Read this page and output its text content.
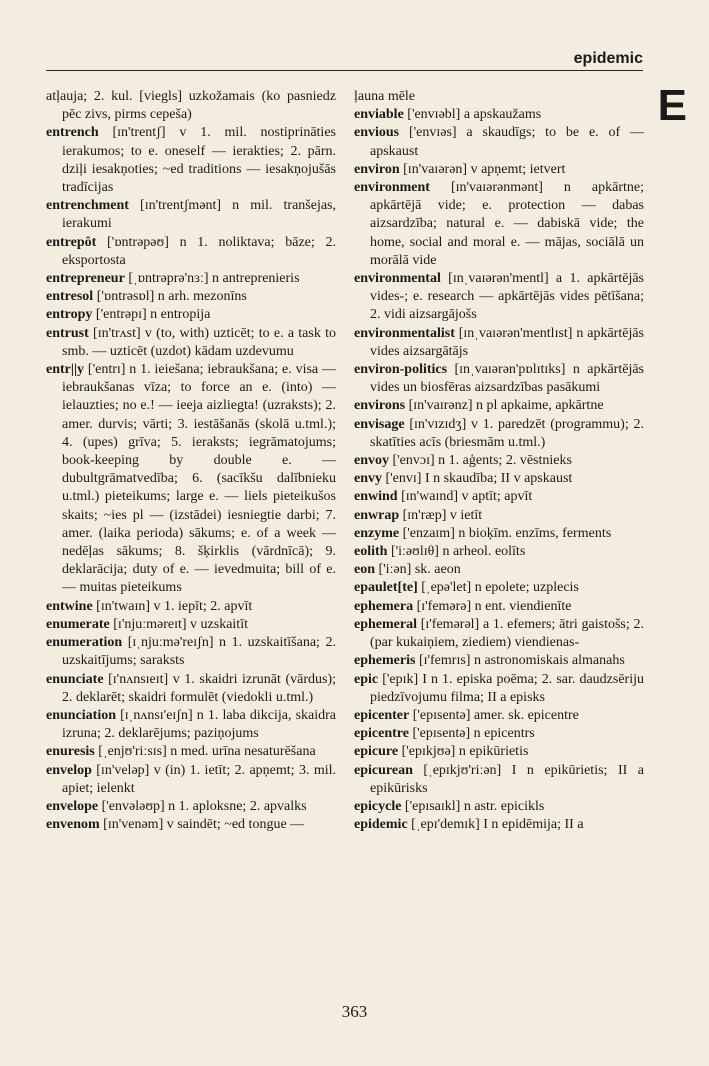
epidemic
E

atļauja; 2. kul. [viegls] uzkožamais (ko pasniedz pēc zivs, pirms cepeša)

entrench [ɪn'trentʃ] v 1. mil. nostiprināties ierakumos; to e. oneself — ierakties; 2. pārn. dziļi iesakņoties; ~ed traditions — iesakņojušās tradīcijas

entrenchment [ɪn'trentʃmənt] n mil. tranšejas, ierakumi

entrepôt ['ɒntrəpəʊ] n 1. noliktava; bāze; 2. eksportosta

entrepreneur [ˌɒntrəprə'nɜː] n antreprenieris

entresol ['ɒntrəsɒl] n arh. mezonīns

entropy ['entrəpɪ] n entropija

entrust [ɪn'trʌst] v (to, with) uzticēt; to e. a task to smb. — uzticēt (uzdot) kādam uzdevumu

entr||y ['entrɪ] n 1. ieiešana; iebraukšana; e. visa — iebraukšanas vīza; to force an e. (into) — ielauzties; no e.! — ieeja aizliegta! (uzraksts); 2. amer. durvis; vārti; 3. iestāšanās (skolā u.tml.); 4. (upes) grīva; 5. ieraksts; iegrāmatojums; book-keeping by double e. — dubultgrāmatvedība; 6. (sacīkšu dalībnieku u.tml.) pieteikums; large e. — liels pieteikušos skaits; ~ies pl — (izstādei) iesniegtie darbi; 7. amer. (laika perioda) sākums; e. of a week — nedēļas sākums; 8. šķirklis (vārdnīcā); 9. deklarācija; duty of e. — ievedmuita; bill of e. — muitas pieteikums

entwine [ɪn'twaɪn] v 1. iepīt; 2. apvīt

enumerate [ɪ'njuːməreɪt] v uzskaitīt

enumeration [ɪˌnjuːmə'reɪʃn] n 1. uzskaitīšana; 2. uzskaitījums; saraksts

enunciate [ɪ'nʌnsɪeɪt] v 1. skaidri izrunāt (vārdus); 2. deklarēt; skaidri formulēt (viedokli u.tml.)

enunciation [ɪˌnʌnsɪ'eɪʃn] n 1. laba dikcija, skaidra izruna; 2. deklarējums; paziņojums

enuresis [ˌenjʊ'riːsɪs] n med. urīna nesaturēšana

envelop [ɪn'veləp] v (in) 1. ietīt; 2. apņemt; 3. mil. apiet; ielenkt

envelope ['envələʊp] n 1. aploksne; 2. apvalks

envenom [ɪn'venəm] v saindēt; ~ed tongue —

ļauna mēle

enviable ['envɪəbl] a apskaužams

envious ['envɪəs] a skaudīgs; to be e. of — apskaust

environ [ɪn'vaɪərən] v apņemt; ietvert

environment [ɪn'vaɪərənmənt] n apkārtne; apkārtējā vide; e. protection — dabas aizsardzība; natural e. — dabiskā vide; the home, social and moral e. — mājas, sociālā un morālā vide

environmental [ɪnˌvaɪərən'mentl] a 1. apkārtējās vides-; e. research — apkārtējās vides pētīšana; 2. vidi aizsargājošs

environmentalist [ɪnˌvaɪərən'mentlɪst] n apkārtējās vides aizsargātājs

environ-politics [ɪnˌvaɪərən'pɒlɪtɪks] n apkārtējās vides un biosfēras aizsardzības pasākumi

environs [ɪn'vaɪrənz] n pl apkaime, apkārtne

envisage [ɪn'vɪzɪdʒ] v 1. paredzēt (programmu); 2. skatīties acīs (briesmām u.tml.)

envoy ['envɔɪ] n 1. aģents; 2. vēstnieks

envy ['envɪ] I n skaudība; II v apskaust

enwind [ɪn'waɪnd] v aptīt; apvīt

enwrap [ɪn'ræp] v ietīt

enzyme ['enzaɪm] n bioķīm. enzīms, ferments

eolith ['iːəʊlɪθ] n arheol. eolīts

eon ['iːən] sk. aeon

epaulet[te] [ˌepə'let] n epolete; uzplecis

ephemera [ɪ'femərə] n ent. viendienīte

ephemeral [ɪ'femərəl] a 1. efemers; ātri gaistošs; 2. (par kukaiņiem, ziediem) viendienas-

ephemeris [ɪ'femrɪs] n astronomiskais almanahs

epic ['epɪk] I n 1. episka poēma; 2. sar. daudzsēriju piedzīvojumu filma; II a episks

epicenter ['epɪsentə] amer. sk. epicentre

epicentre ['epɪsentə] n epicentrs

epicure ['epɪkjʊə] n epikūrietis

epicurean [ˌepɪkjʊ'riːən] I n epikūrietis; II a epikūrisks

epicycle ['epɪsaɪkl] n astr. epicikls

epidemic [ˌepɪ'demɪk] I n epidēmija; II a

363
